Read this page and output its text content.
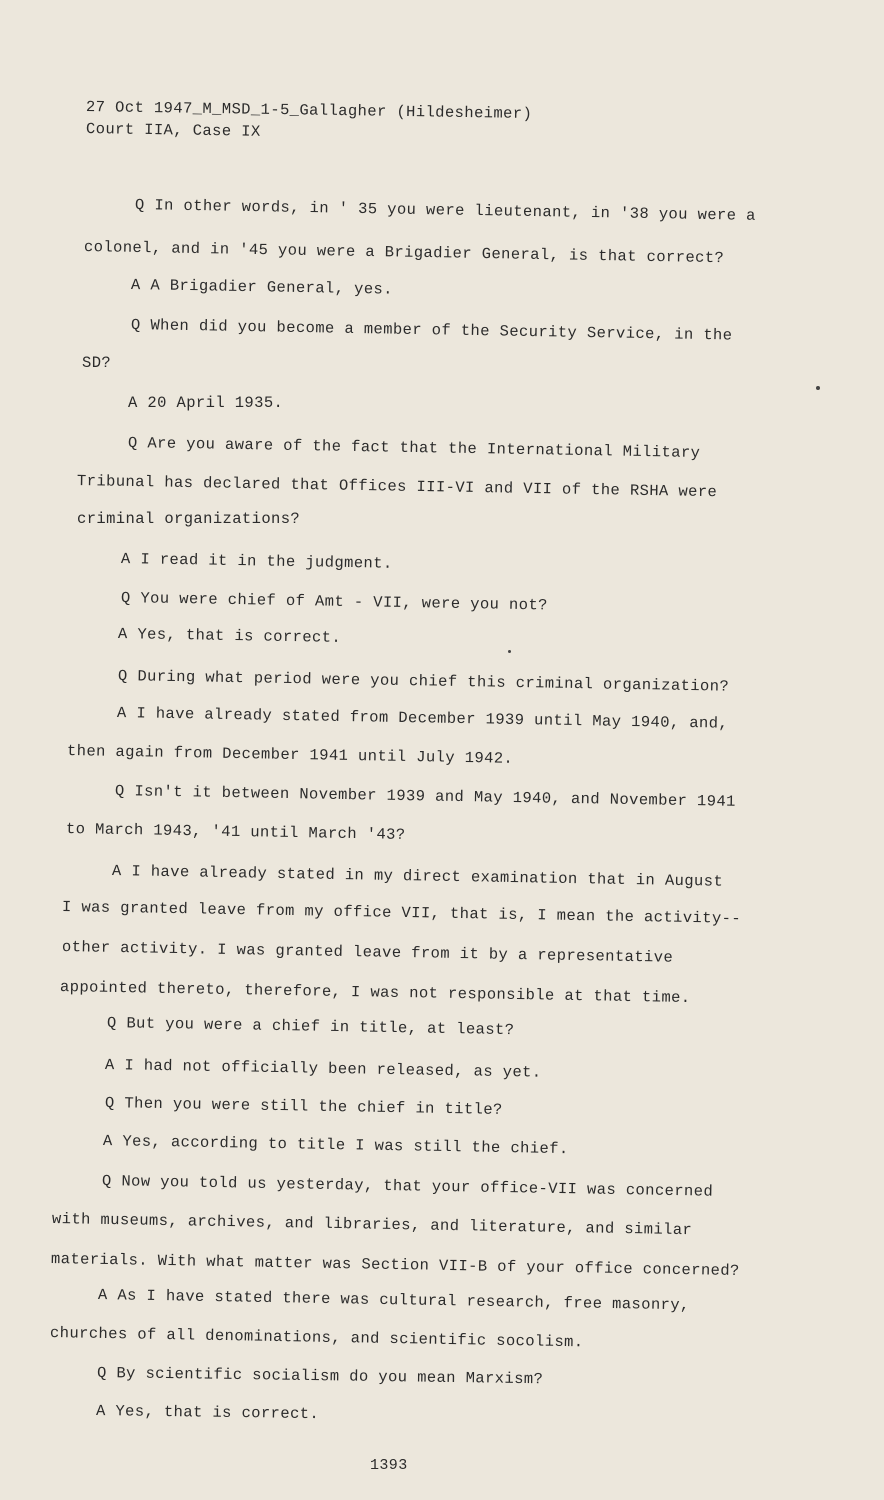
27 Oct 1947_M_MSD_1-5_Gallagher (Hildesheimer)

Court IIA, Case IX

Q In other words, in ' 35 you were lieutenant, in '38 you were a

colonel, and in '45 you were a Brigadier General, is that correct?

A A Brigadier General, yes.

Q When did you become a member of the Security Service, in the

SD?

A 20 April 1935.

Q Are you aware of the fact that the International Military

Tribunal has declared that Offices III-VI and VII of the RSHA were

criminal organizations?

A I read it in the judgment.

Q You were chief of Amt - VII, were you not?

A Yes, that is correct.

Q During what period were you chief this criminal organization?

A I have already stated from December 1939 until May 1940, and,

then again from December 1941 until July 1942.

Q Isn't it between November 1939 and May 1940, and November 1941

to March 1943, '41 until March '43?

A I have already stated in my direct examination that in August

I was granted leave from my office VII, that is, I mean the activity--

other activity. I was granted leave from it by a representative

appointed thereto, therefore, I was not responsible at that time.

Q But you were a chief in title, at least?

A I had not officially been released, as yet.

Q Then you were still the chief in title?

A Yes, according to title I was still the chief.

Q Now you told us yesterday, that your office-VII was concerned

with museums, archives, and libraries, and literature, and similar

materials. With what matter was Section VII-B of your office concerned?

A As I have stated there was cultural research, free masonry,

churches of all denominations, and scientific socolism.

Q By scientific socialism do you mean Marxism?

A Yes, that is correct.

1393
